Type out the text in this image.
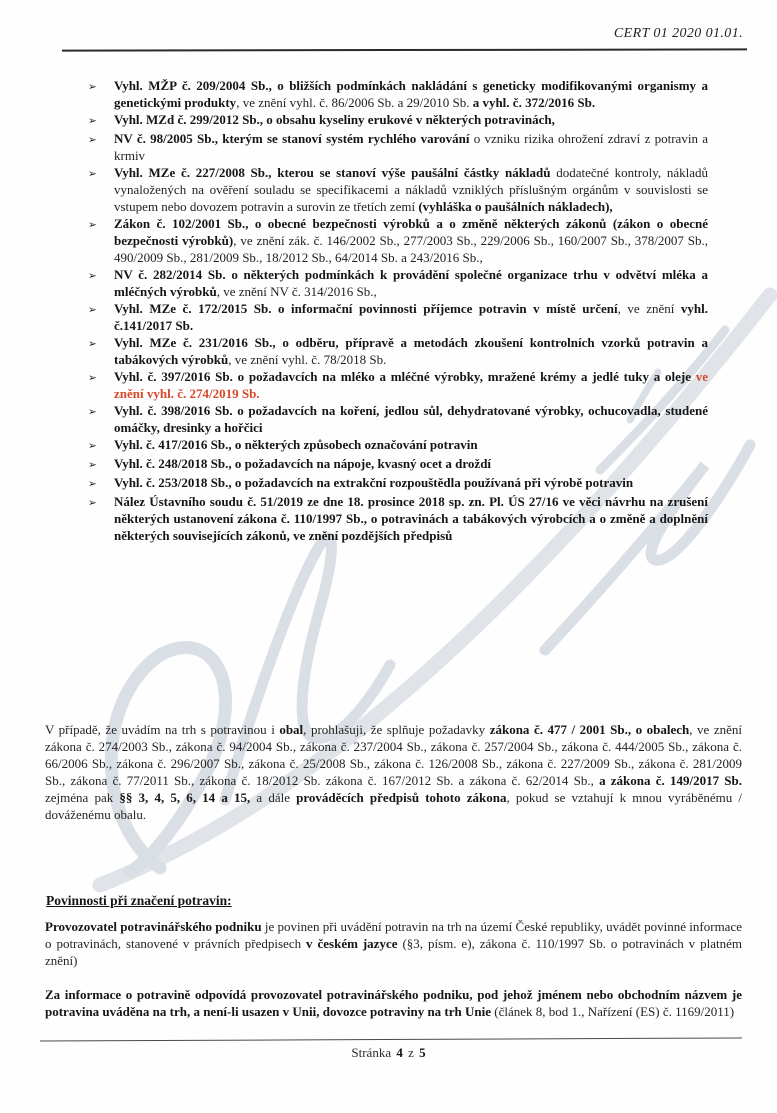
CERT 01 2020 01.01.
➢	Vyhl. MŽP č. 209/2004 Sb., o bližších podmínkách nakládání s geneticky modifikovanými organismy a genetickými produkty, ve znění vyhl. č. 86/2006 Sb. a 29/2010 Sb. a vyhl. č. 372/2016 Sb.
➢	Vyhl. MZd č. 299/2012 Sb., o obsahu kyseliny erukové v některých potravinách,
➢	NV č. 98/2005 Sb., kterým se stanoví systém rychlého varování o vzniku rizika ohrožení zdraví z potravin a krmiv
➢	Vyhl. MZe č. 227/2008 Sb., kterou se stanoví výše paušální částky nákladů dodatečné kontroly, nákladů vynaložených na ověření souladu se specifikacemi a nákladů vzniklých příslušným orgánům v souvislosti se vstupem nebo dovozem potravin a surovin ze třetích zemí (vyhláška o paušálních nákladech),
➢	Zákon č. 102/2001 Sb., o obecné bezpečnosti výrobků a o změně některých zákonů (zákon o obecné bezpečnosti výrobků), ve znění zák. č. 146/2002 Sb., 277/2003 Sb., 229/2006 Sb., 160/2007 Sb., 378/2007 Sb., 490/2009 Sb., 281/2009 Sb., 18/2012 Sb., 64/2014 Sb. a 243/2016 Sb.,
➢	NV č. 282/2014 Sb. o některých podmínkách k provádění společné organizace trhu v odvětví mléka a mléčných výrobků, ve znění NV č. 314/2016 Sb.,
➢	Vyhl. MZe č. 172/2015 Sb. o informační povinnosti příjemce potravin v místě určení, ve znění vyhl. č.141/2017 Sb.
➢	Vyhl. MZe č. 231/2016 Sb., o odběru, přípravě a metodách zkoušení kontrolních vzorků potravin a tabákových výrobků, ve znění vyhl. č. 78/2018 Sb.
➢	Vyhl. č. 397/2016 Sb. o požadavcích na mléko a mléčné výrobky, mražené krémy a jedlé tuky a oleje ve znění vyhl. č. 274/2019 Sb.
➢	Vyhl. č. 398/2016 Sb. o požadavcích na koření, jedlou sůl, dehydratované výrobky, ochucovadla, studené omáčky, dresinky a hořčici
➢	Vyhl. č. 417/2016 Sb., o některých způsobech označování potravin
➢	Vyhl. č. 248/2018 Sb., o požadavcích na nápoje, kvasný ocet a droždí
➢	Vyhl. č. 253/2018 Sb., o požadavcích na extrakční rozpouštědla používaná při výrobě potravin
➢	Nález Ústavního soudu č. 51/2019 ze dne 18. prosince 2018 sp. zn. Pl. ÚS 27/16 ve věci návrhu na zrušení některých ustanovení zákona č. 110/1997 Sb., o potravinách a tabákových výrobcích a o změně a doplnění některých souvisejících zákonů, ve znění pozdějších předpisů
V případě, že uvádím na trh s potravinou i obal, prohlašuji, že splňuje požadavky zákona č. 477 / 2001 Sb., o obalech, ve znění zákona č. 274/2003 Sb., zákona č. 94/2004 Sb., zákona č. 237/2004 Sb., zákona č. 257/2004 Sb., zákona č. 444/2005 Sb., zákona č. 66/2006 Sb., zákona č. 296/2007 Sb., zákona č. 25/2008 Sb., zákona č. 126/2008 Sb., zákona č. 227/2009 Sb., zákona č. 281/2009 Sb., zákona č. 77/2011 Sb., zákona č. 18/2012 Sb. zákona č. 167/2012 Sb. a zákona č. 62/2014 Sb., a zákona č. 149/2017 Sb. zejména pak §§ 3, 4, 5, 6, 14 a 15, a dále prováděcích předpisů tohoto zákona, pokud se vztahují k mnou vyráběnému / dováženému obalu.
Povinnosti při značení potravin:
Provozovatel potravinářského podniku je povinen při uvádění potravin na trh na území České republiky, uvádět povinné informace o potravinách, stanovené v právních předpisech v českém jazyce (§3, písm. e), zákona č. 110/1997 Sb. o potravinách v platném znění)
Za informace o potravině odpovídá provozovatel potravinářského podniku, pod jehož jménem nebo obchodním názvem je potravina uváděna na trh, a není-li usazen v Unii, dovozce potraviny na trh Unie (článek 8, bod 1., Nařízení (ES) č. 1169/2011)
Stránka 4 z 5
